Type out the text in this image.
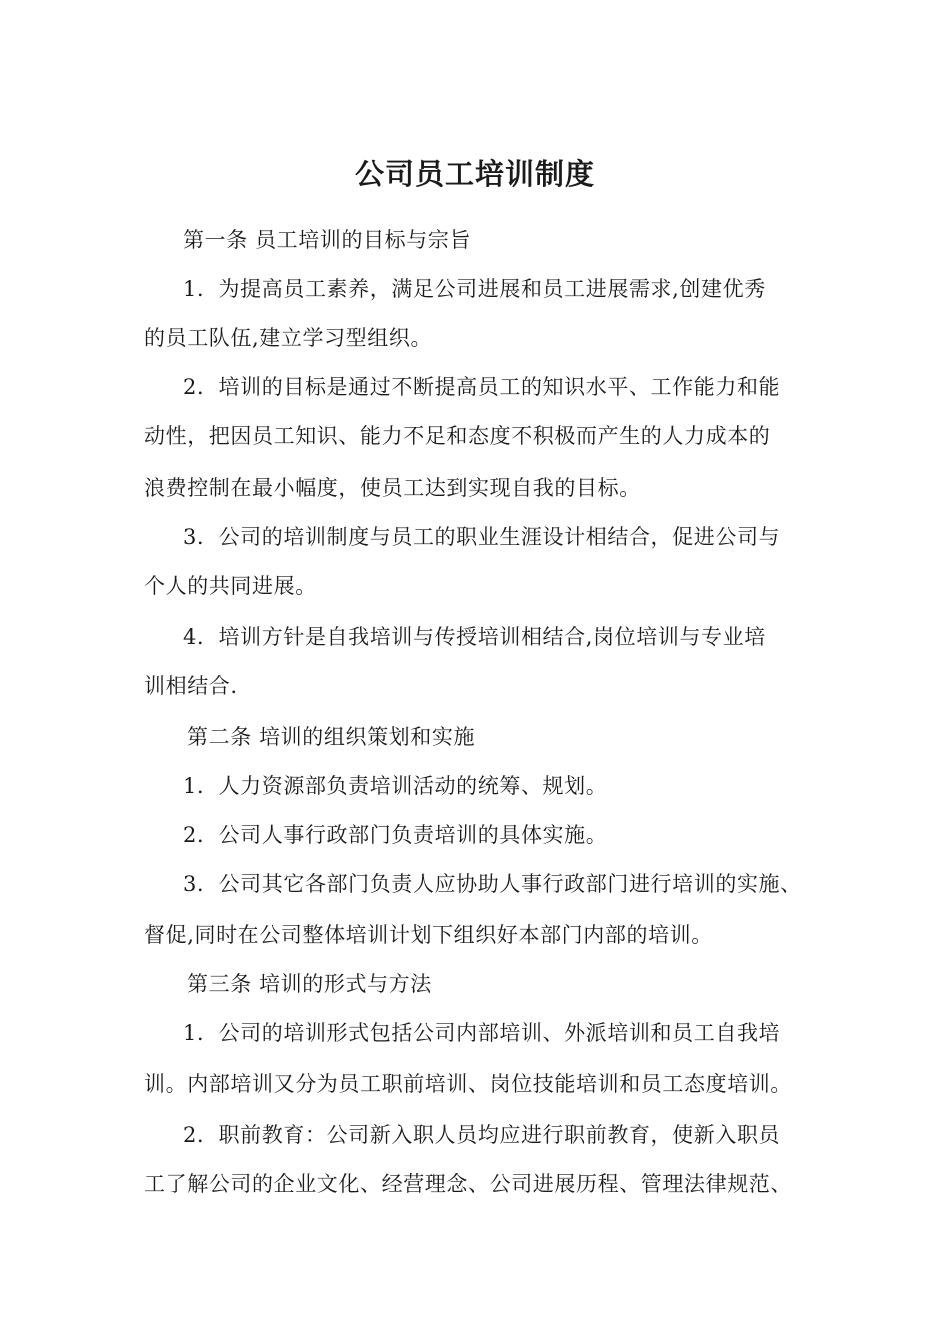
公司员工培训制度
第一条 员工培训的目标与宗旨
1．为提高员工素养，满足公司进展和员工进展需求,创建优秀
的员工队伍,建立学习型组织。
2．培训的目标是通过不断提高员工的知识水平、工作能力和能
动性，把因员工知识、能力不足和态度不积极而产生的人力成本的
浪费控制在最小幅度，使员工达到实现自我的目标。
3．公司的培训制度与员工的职业生涯设计相结合，促进公司与
个人的共同进展。
4．培训方针是自我培训与传授培训相结合,岗位培训与专业培
训相结合.
第二条 培训的组织策划和实施
1．人力资源部负责培训活动的统筹、规划。
2．公司人事行政部门负责培训的具体实施。
3．公司其它各部门负责人应协助人事行政部门进行培训的实施、
督促,同时在公司整体培训计划下组织好本部门内部的培训。
第三条 培训的形式与方法
1．公司的培训形式包括公司内部培训、外派培训和员工自我培
训。内部培训又分为员工职前培训、岗位技能培训和员工态度培训。
2．职前教育：公司新入职人员均应进行职前教育，使新入职员
工了解公司的企业文化、经营理念、公司进展历程、管理法律规范、
